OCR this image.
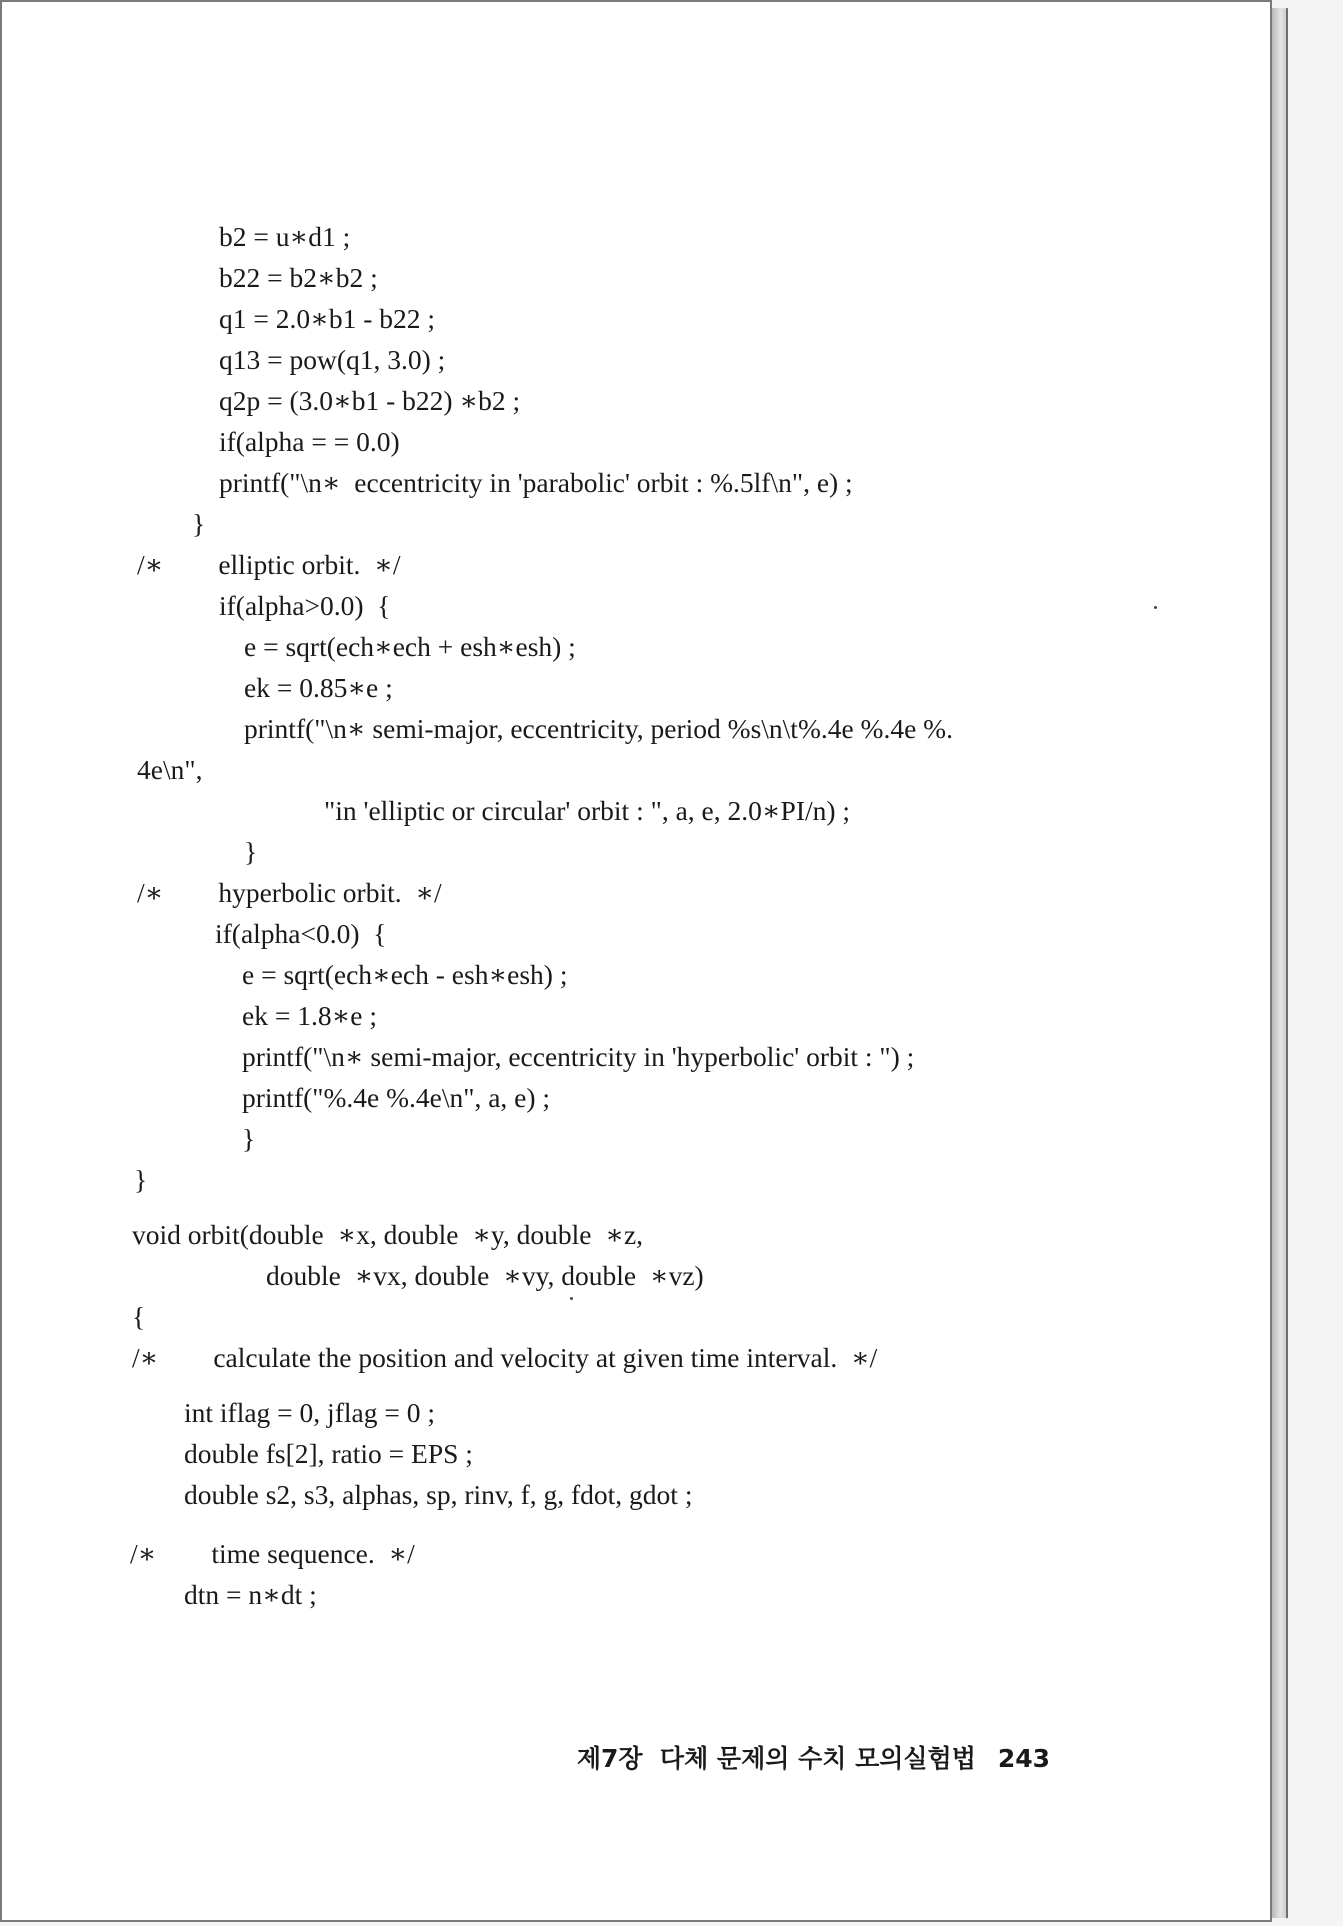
b2 = u∗d1 ;
b22 = b2∗b2 ;
q1 = 2.0∗b1 - b22 ;
q13 = pow(q1, 3.0) ;
q2p = (3.0∗b1 - b22) ∗b2 ;
if(alpha = = 0.0)
printf("\n∗  eccentricity in 'parabolic' orbit : %.5lf\n", e) ;
}
/∗        elliptic orbit.  ∗/
if(alpha>0.0)  {
e = sqrt(ech∗ech + esh∗esh) ;
ek = 0.85∗e ;
printf("\n∗ semi-major, eccentricity, period %s\n\t%.4e %.4e %.
4e\n",
"in 'elliptic or circular' orbit : ", a, e, 2.0∗PI/n) ;
}
/∗        hyperbolic orbit.  ∗/
if(alpha<0.0)  {
e = sqrt(ech∗ech - esh∗esh) ;
ek = 1.8∗e ;
printf("\n∗ semi-major, eccentricity in 'hyperbolic' orbit : ") ;
printf("%.4e %.4e\n", a, e) ;
}
}
void orbit(double  ∗x, double  ∗y, double  ∗z,
double  ∗vx, double  ∗vy, double  ∗vz)
{
/∗        calculate the position and velocity at given time interval.  ∗/
int iflag = 0, jflag = 0 ;
double fs[2], ratio = EPS ;
double s2, s3, alphas, sp, rinv, f, g, fdot, gdot ;
/∗        time sequence.  ∗/
dtn = n∗dt ;

제7장  다체 문제의 수치 모의실험법 243
